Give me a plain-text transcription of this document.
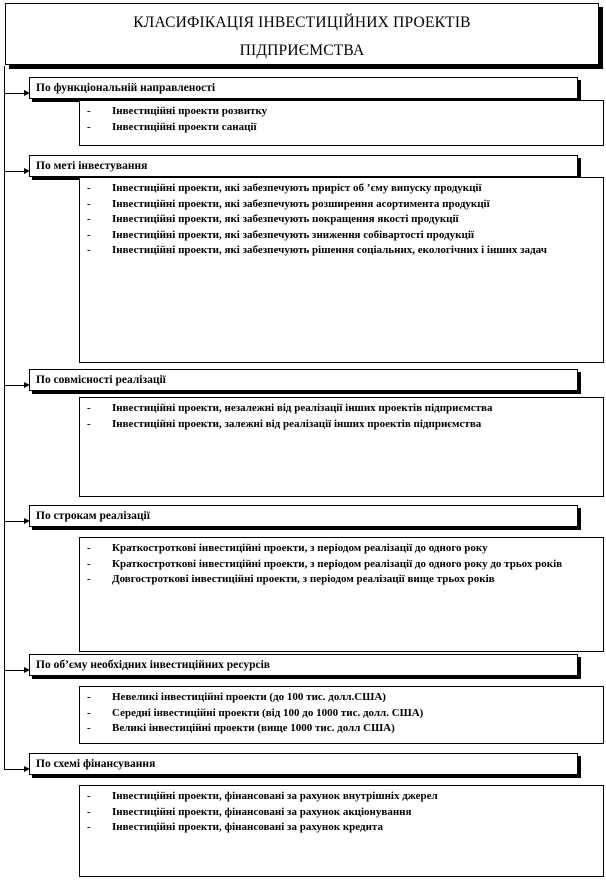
КЛАСИФІКАЦІЯ ІНВЕСТИЦІЙНИХ ПРОЕКТІВ
ПІДПРИЄМСТВА
По функціональній направленості
-	Інвестиційні проекти розвитку
-	Інвестиційні проекти санації
По меті інвестування
-	Інвестиційні проекти, які забезпечують приріст об ’єму випуску продукції
-	Інвестиційні проекти, які забезпечують розширення асортимента продукції
-	Інвестиційні проекти, які забезпечують покращення якості продукції
-	Інвестиційні проекти, які забезпечують зниження собівартості продукції
-	Інвестиційні проекти, які забезпечують рішення соціальних, екологічних і інших задач
По совмісності реалізації
-	Інвестиційні проекти, незалежні від реалізації інших проектів підприємства
-	Інвестиційні проекти, залежні від реалізації інших проектів підприємства
По строкам реалізації
-	Краткостроткові інвестиційні проекти, з періодом реалізації до одного року
-	Краткостроткові інвестиційні проекти, з періодом реалізації до одного року до трьох років
-	Довгостроткові інвестиційні проекти, з періодом реалізації вище трьох років
По об’єму необхідних інвестиційних ресурсів
-	Невеликі інвестиційні проекти (до 100 тис. долл.США)
-	Середні інвестиційні проекти (від 100 до 1000 тис. долл. США)
-	Великі інвестиційні проекти (вище 1000 тис. долл США)
По схемі фінансування
-	Інвестиційні проекти, фінансовані за рахунок внутрішніх джерел
-	Інвестиційні проекти, фінансовані за рахунок акціонування
-	Інвестиційні проекти, фінансовані за рахунок кредита
